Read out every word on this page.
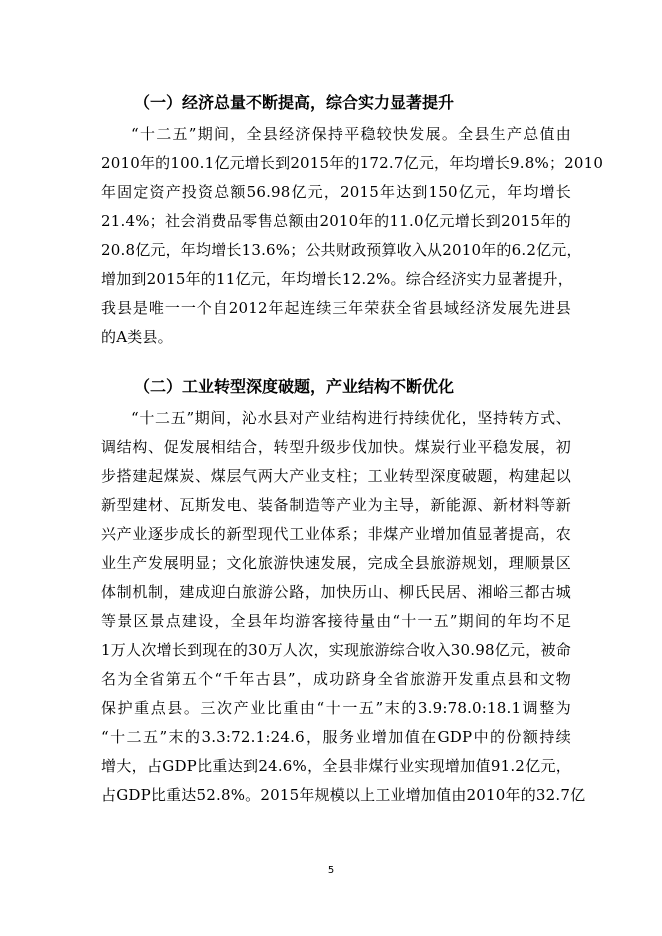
（一）经济总量不断提高，综合实力显著提升
“十二五”期间，全县经济保持平稳较快发展。全县生产总值由
2010年的100.1亿元增长到2015年的172.7亿元，年均增长9.8%；2010
年固定资产投资总额56.98亿元，2015年达到150亿元，年均增长
21.4%；社会消费品零售总额由2010年的11.0亿元增长到2015年的
20.8亿元，年均增长13.6%；公共财政预算收入从2010年的6.2亿元，
增加到2015年的11亿元，年均增长12.2%。综合经济实力显著提升，
我县是唯一一个自2012年起连续三年荣获全省县域经济发展先进县
的A类县。
（二）工业转型深度破题，产业结构不断优化
“十二五”期间，沁水县对产业结构进行持续优化，坚持转方式、
调结构、促发展相结合，转型升级步伐加快。煤炭行业平稳发展，初
步搭建起煤炭、煤层气两大产业支柱；工业转型深度破题，构建起以
新型建材、瓦斯发电、装备制造等产业为主导，新能源、新材料等新
兴产业逐步成长的新型现代工业体系；非煤产业增加值显著提高，农
业生产发展明显；文化旅游快速发展，完成全县旅游规划，理顺景区
体制机制，建成迎白旅游公路，加快历山、柳氏民居、湘峪三都古城
等景区景点建设，全县年均游客接待量由“十一五”期间的年均不足
1万人次增长到现在的30万人次，实现旅游综合收入30.98亿元，被命
名为全省第五个“千年古县”，成功跻身全省旅游开发重点县和文物
保护重点县。三次产业比重由“十一五”末的3.9:78.0:18.1调整为
“十二五”末的3.3:72.1:24.6，服务业增加值在GDP中的份额持续
增大，占GDP比重达到24.6%，全县非煤行业实现增加值91.2亿元，
占GDP比重达52.8%。2015年规模以上工业增加值由2010年的32.7亿
5
